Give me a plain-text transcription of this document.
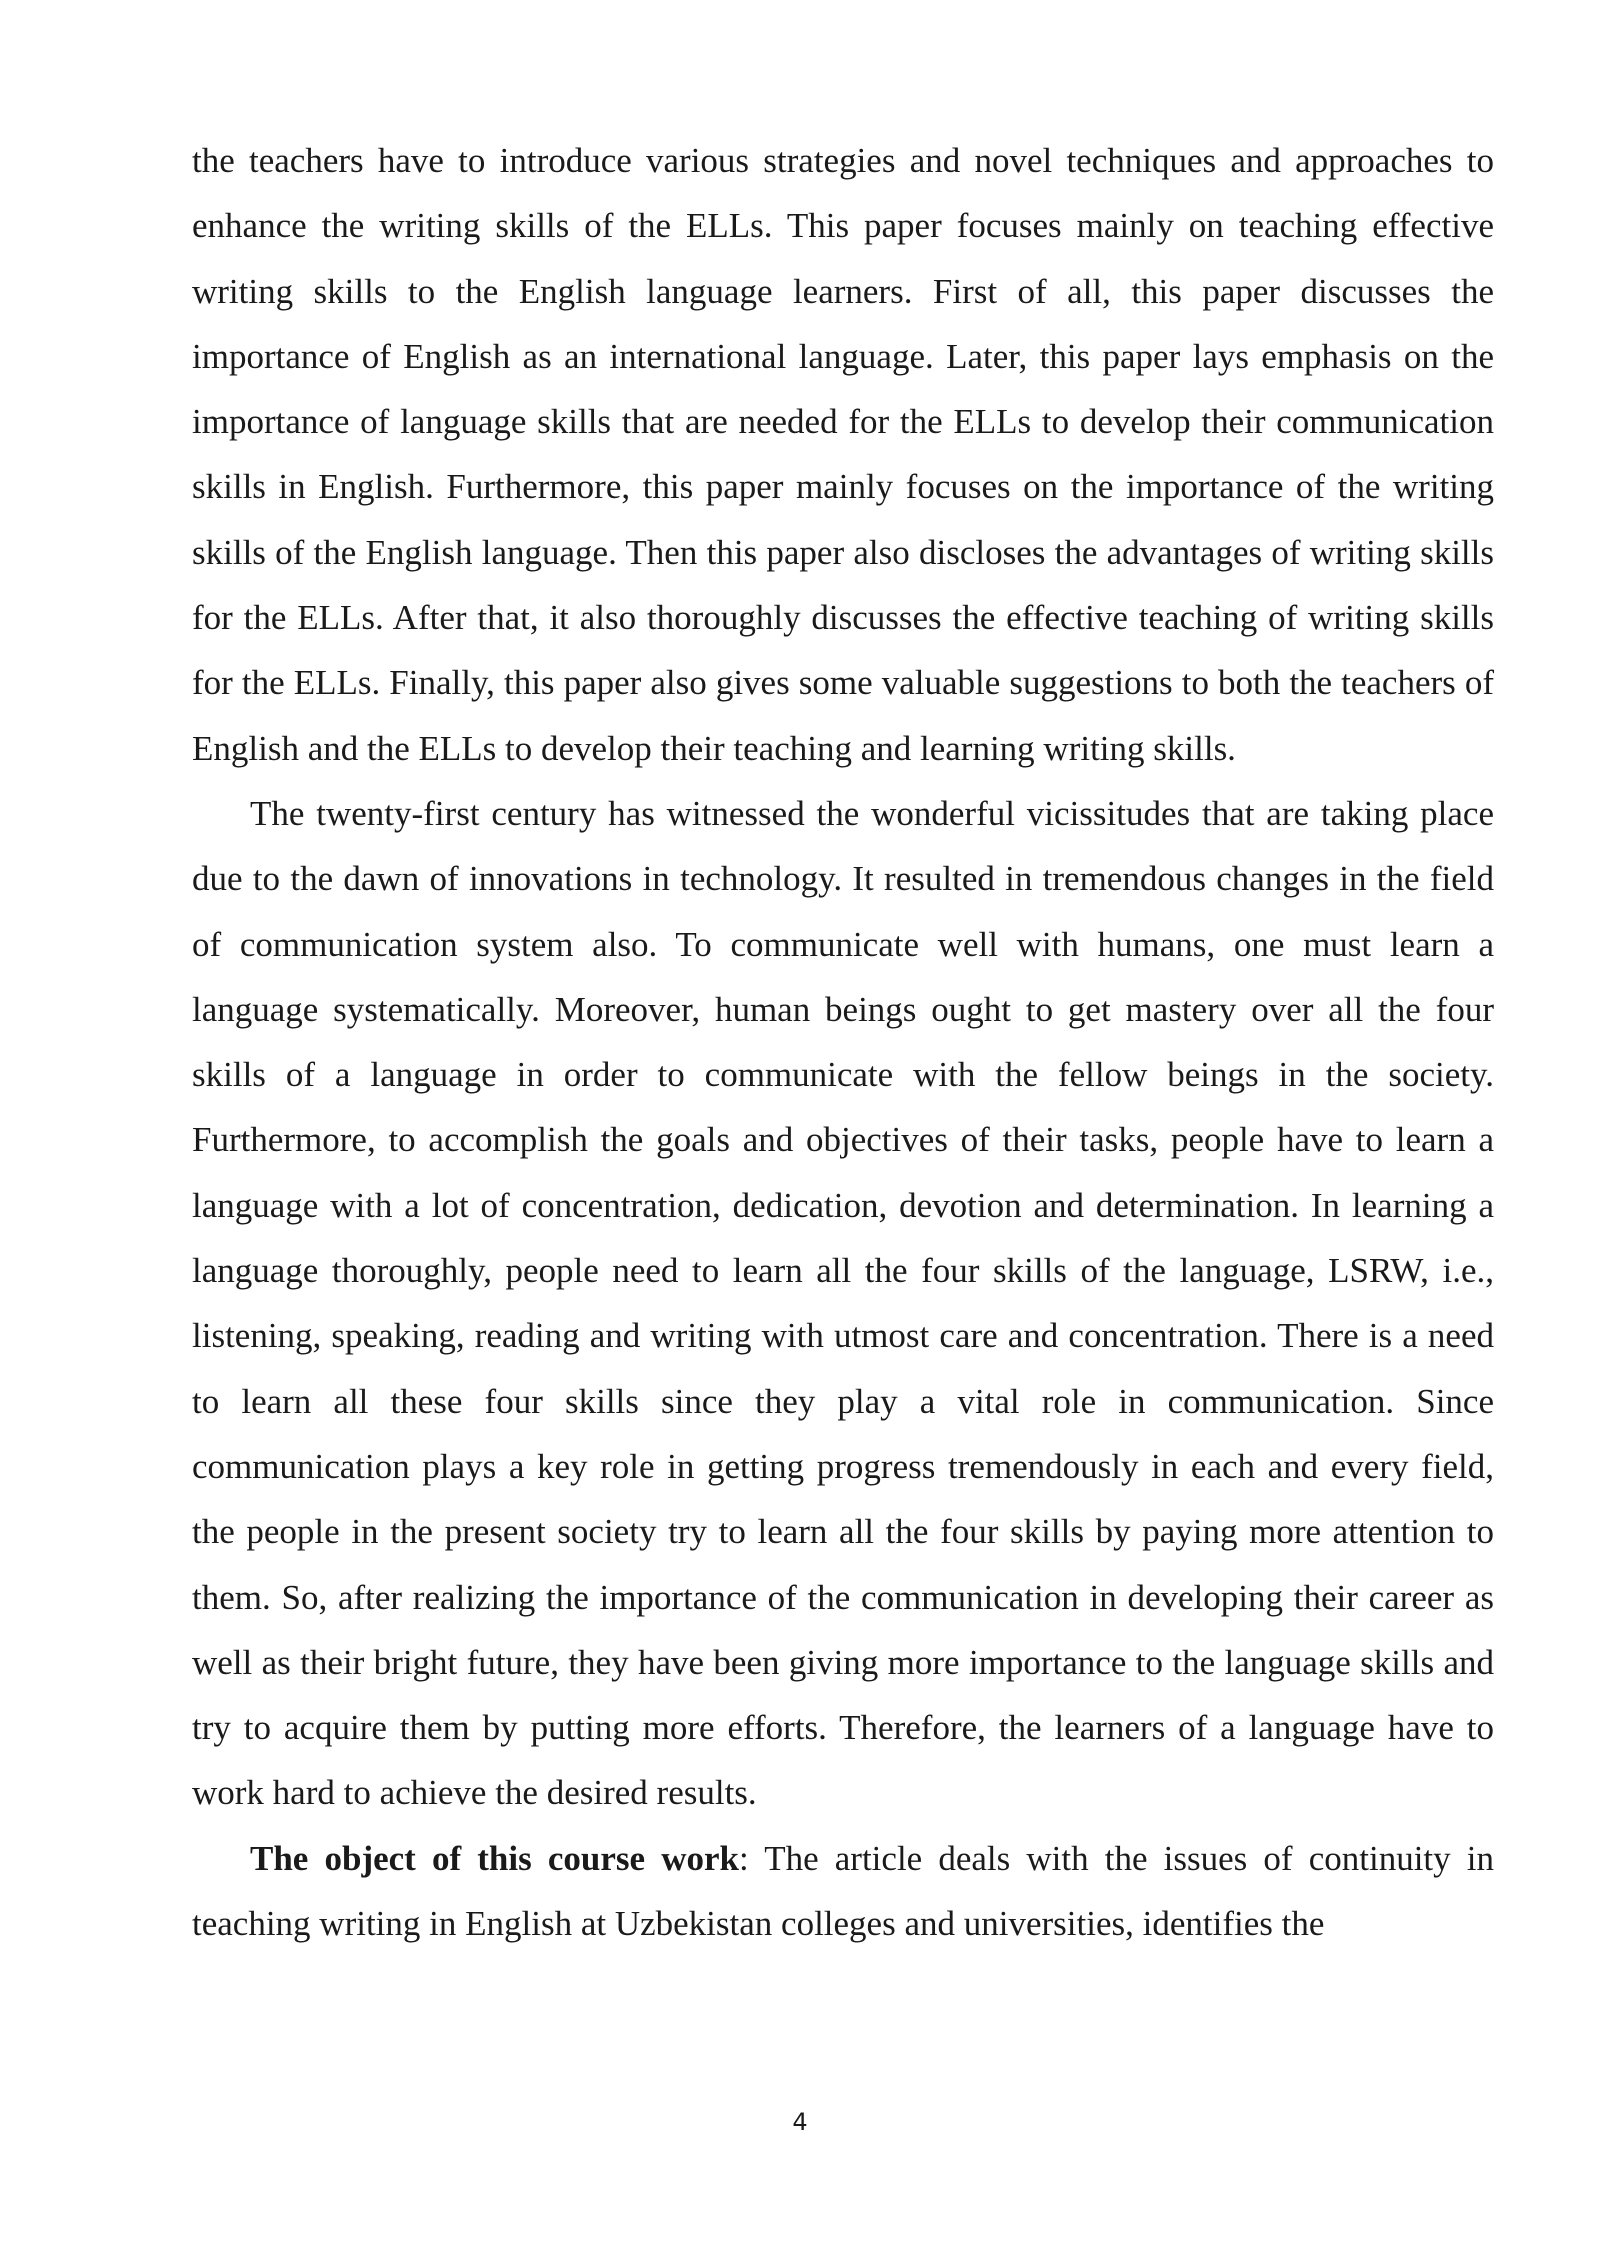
the teachers have to introduce various strategies and novel techniques and approaches to enhance the writing skills of the ELLs. This paper focuses mainly on teaching effective writing skills to the English language learners. First of all, this paper discusses the importance of English as an international language. Later, this paper lays emphasis on the importance of language skills that are needed for the ELLs to develop their communication skills in English. Furthermore, this paper mainly focuses on the importance of the writing skills of the English language. Then this paper also discloses the advantages of writing skills for the ELLs. After that, it also thoroughly discusses the effective teaching of writing skills for the ELLs. Finally, this paper also gives some valuable suggestions to both the teachers of English and the ELLs to develop their teaching and learning writing skills.

The twenty-first century has witnessed the wonderful vicissitudes that are taking place due to the dawn of innovations in technology. It resulted in tremendous changes in the field of communication system also. To communicate well with humans, one must learn a language systematically. Moreover, human beings ought to get mastery over all the four skills of a language in order to communicate with the fellow beings in the society. Furthermore, to accomplish the goals and objectives of their tasks, people have to learn a language with a lot of concentration, dedication, devotion and determination. In learning a language thoroughly, people need to learn all the four skills of the language, LSRW, i.e., listening, speaking, reading and writing with utmost care and concentration. There is a need to learn all these four skills since they play a vital role in communication. Since communication plays a key role in getting progress tremendously in each and every field, the people in the present society try to learn all the four skills by paying more attention to them. So, after realizing the importance of the communication in developing their career as well as their bright future, they have been giving more importance to the language skills and try to acquire them by putting more efforts. Therefore, the learners of a language have to work hard to achieve the desired results.

The object of this course work: The article deals with the issues of continuity in teaching writing in English at Uzbekistan colleges and universities, identifies the

4
